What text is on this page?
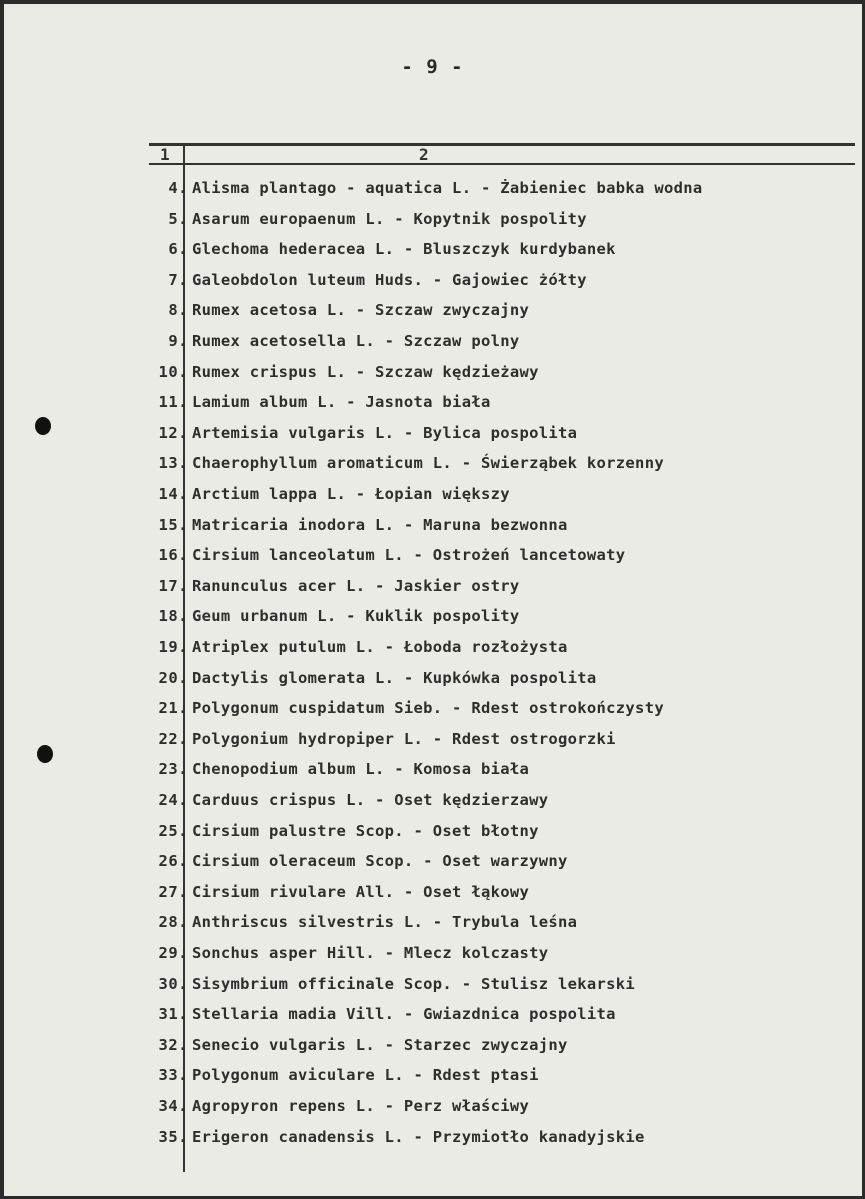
- 9 -
1	2
4. Alisma plantago - aquatica L. - Żabieniec babka wodna
5. Asarum europaenum L. - Kopytnik pospolity
6. Glechoma hederacea L. - Bluszczyk kurdybanek
7. Galeobdolon luteum Huds. - Gajowiec żółty
8. Rumex acetosa L. - Szczaw zwyczajny
9. Rumex acetosella L. - Szczaw polny
10. Rumex crispus L. - Szczaw kędzieżawy
11. Lamium album L. - Jasnota biała
12. Artemisia vulgaris L. - Bylica pospolita
13. Chaerophyllum aromaticum L. - Świerząbek korzenny
14. Arctium lappa L. - Łopian większy
15. Matricaria inodora L. - Maruna bezwonna
16. Cirsium lanceolatum L. - Ostrożeń lancetowaty
17. Ranunculus acer L. - Jaskier ostry
18. Geum urbanum L. - Kuklik pospolity
19. Atriplex putulum L. - Łoboda rozłożysta
20. Dactylis glomerata L. - Kupkówka pospolita
21. Polygonum cuspidatum Sieb. - Rdest ostrokończysty
22. Polygonium hydropiper L. - Rdest ostrogorzki
23. Chenopodium album L. - Komosa biała
24. Carduus crispus L. - Oset kędzierzawy
25. Cirsium palustre Scop. - Oset błotny
26. Cirsium oleraceum Scop. - Oset warzywny
27. Cirsium rivulare All. - Oset łąkowy
28. Anthriscus silvestris L. - Trybula leśna
29. Sonchus asper Hill. - Mlecz kolczasty
30. Sisymbrium officinale Scop. - Stulisz lekarski
31. Stellaria madia Vill. - Gwiazdnica pospolita
32. Senecio vulgaris L. - Starzec zwyczajny
33. Polygonum aviculare L. - Rdest ptasi
34. Agropyron repens L. - Perz właściwy
35. Erigeron canadensis L. - Przymiotło kanadyjskie
